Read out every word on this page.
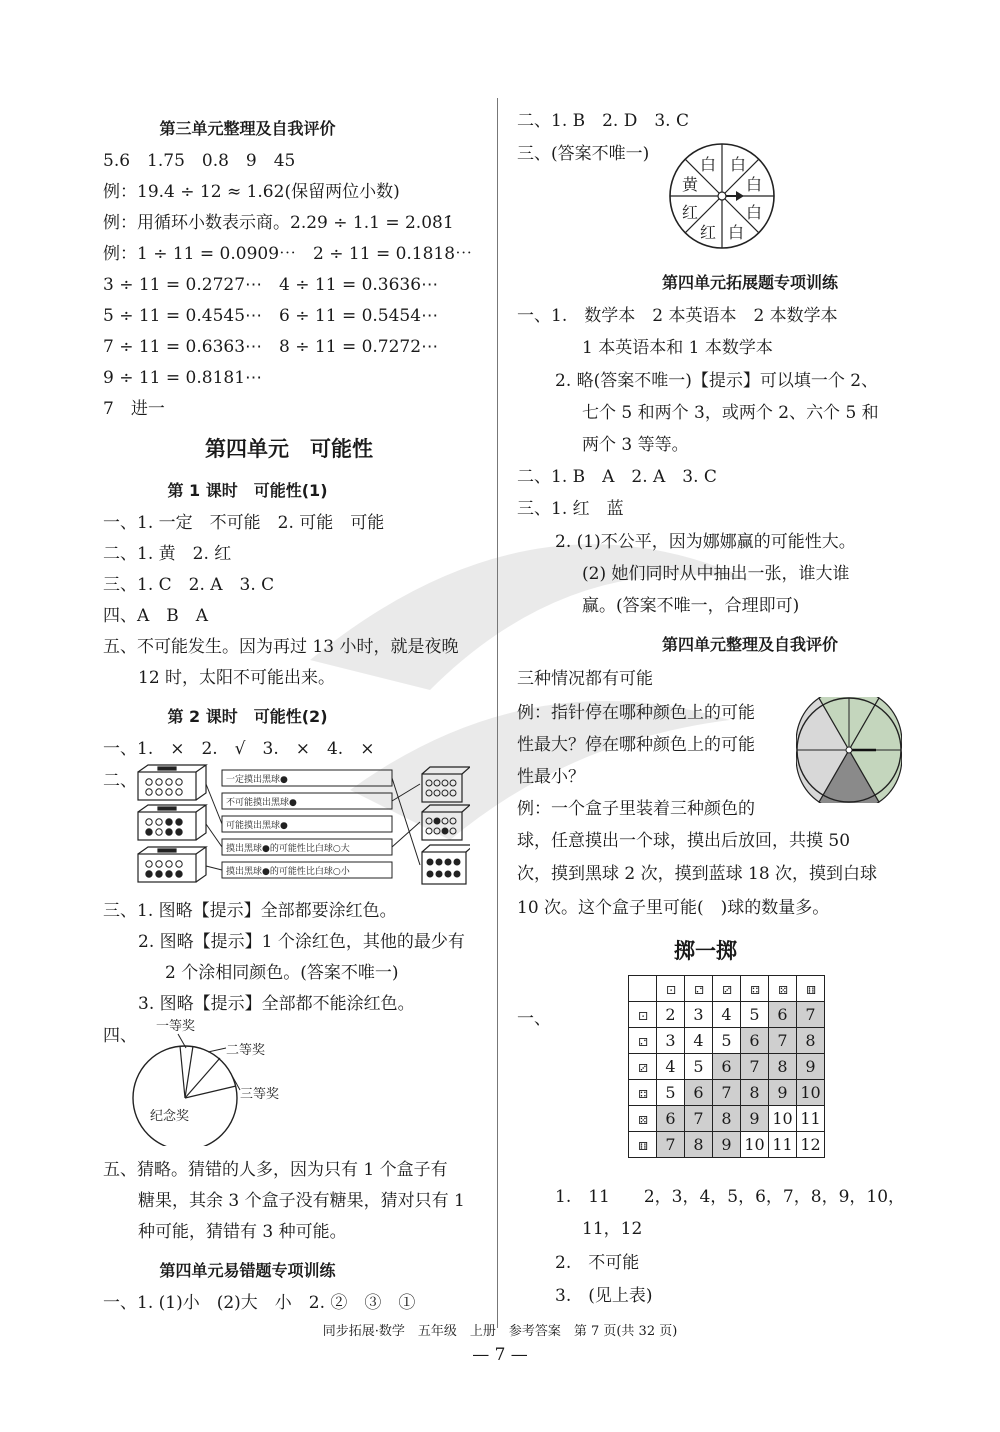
第三单元整理及自我评价
5.6　1.75　0.8　9　45
例：19.4 ÷ 12 ≈ 1.62(保留两位小数)
例：用循环小数表示商。2.29 ÷ 1.1 = 2.08̇1̇
例：1 ÷ 11 = 0.0909⋯　2 ÷ 11 = 0.1818⋯
3 ÷ 11 = 0.2727⋯　4 ÷ 11 = 0.3636⋯
5 ÷ 11 = 0.4545⋯　6 ÷ 11 = 0.5454⋯
7 ÷ 11 = 0.6363⋯　8 ÷ 11 = 0.7272⋯
9 ÷ 11 = 0.8181⋯
7　进一
第四单元　可能性
第 1 课时　可能性(1)
一、1. 一定　不可能　2. 可能　可能
二、1. 黄　2. 红
三、1. C　2. A　3. C
四、A　B　A
五、不可能发生。因为再过 13 小时，就是夜晚
12 时，太阳不可能出来。
第 2 课时　可能性(2)
一、1.　×　2.　√　3.　×　4.　×
二、	一定摸出黑球●
不可能摸出黑球●
可能摸出黑球●
摸出黑球●的可能性比白球○大
摸出黑球●的可能性比白球○小
三、1. 图略【提示】全部都要涂红色。
2. 图略【提示】1 个涂红色，其他的最少有
2 个涂相同颜色。(答案不唯一)
3. 图略【提示】全部都不能涂红色。
四、 一等奖
二等奖
三等奖
纪念奖
五、猜略。猜错的人多，因为只有 1 个盒子有
糖果，其余 3 个盒子没有糖果，猜对只有 1
种可能，猜错有 3 种可能。
第四单元易错题专项训练
一、1. (1)小　(2)大　小　2. ②　③　①
二、1. B　2. D　3. C
三、(答案不唯一)
白 白
白
白
白
红
红
黄
第四单元拓展题专项训练
一、1.　数学本　2 本英语本　2 本数学本
1 本英语本和 1 本数学本
2. 略(答案不唯一)【提示】可以填一个 2、
七个 5 和两个 3，或两个 2、六个 5 和
两个 3 等等。
二、1. B　A　2. A　3. C
三、1. 红　蓝
2. (1)不公平，因为娜娜赢的可能性大。
(2) 她们同时从中抽出一张，谁大谁
赢。(答案不唯一，合理即可)
第四单元整理及自我评价
三种情况都有可能
例：指针停在哪种颜色上的可能
性最大？停在哪种颜色上的可能
性最小？
例：一个盒子里装着三种颜色的
球，任意摸出一个球，摸出后放回，共摸 50
次，摸到黑球 2 次，摸到蓝球 18 次，摸到白球
10 次。这个盒子里可能(　)球的数量多。
掷一掷
一、
	⚀	⚁	⚂	⚃	⚄	⚅
⚀	2	3	4	5	6	7
⚁	3	4	5	6	7	8
⚂	4	5	6	7	8	9
⚃	5	6	7	8	9	10
⚄	6	7	8	9	10	11
⚅	7	8	9	10	11	12
1.　11　　2，3，4，5，6，7，8，9，10，
11，12
2.　不可能
3.　(见上表)
同步拓展·数学　五年级　上册　参考答案　第 7 页(共 32 页)
— 7 —
